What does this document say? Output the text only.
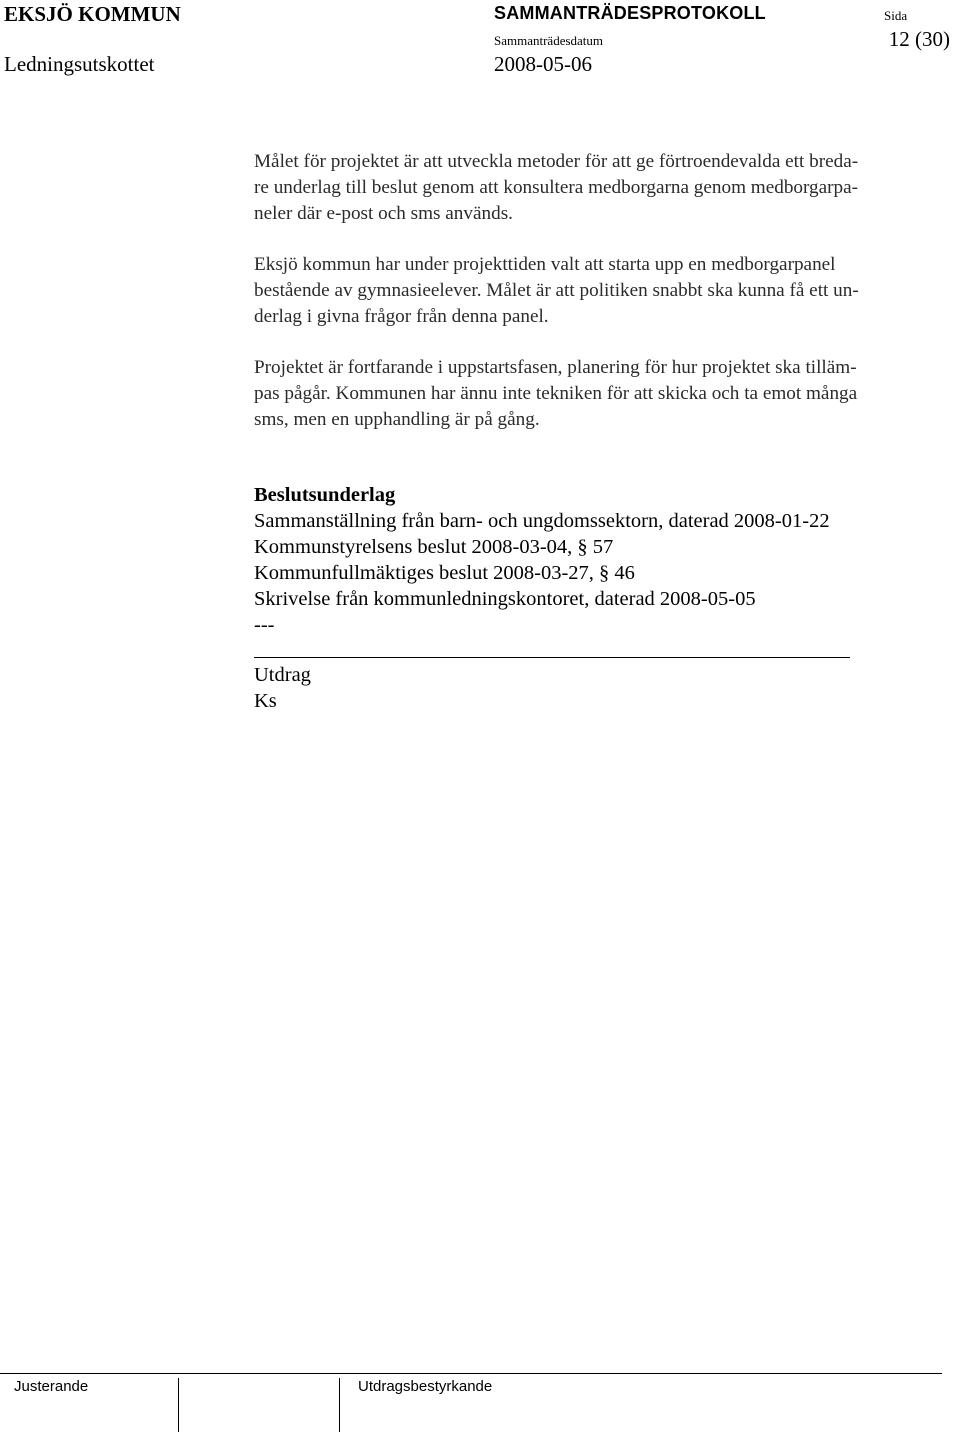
EKSJÖ KOMMUN	SAMMANTRÄDESPROTOKOLL	Sida
12 (30)
Ledningsutskottet
Sammanträdesdatum
2008-05-06
Målet för projektet är att utveckla metoder för att ge förtroendevalda ett breda-
re underlag till beslut genom att konsultera medborgarna genom medborgarpa-
neler där e-post och sms används.
Eksjö kommun har under projekttiden valt att starta upp en medborgarpanel
bestående av gymnasieelever. Målet är att politiken snabbt ska kunna få ett un-
derlag i givna frågor från denna panel.
Projektet är fortfarande i uppstartsfasen, planering för hur projektet ska tilläm-
pas pågår. Kommunen har ännu inte tekniken för att skicka och ta emot många
sms, men en upphandling är på gång.
Beslutsunderlag
Sammanställning från barn- och ungdomssektorn, daterad 2008-01-22
Kommunstyrelsens beslut 2008-03-04, § 57
Kommunfullmäktiges beslut 2008-03-27, § 46
Skrivelse från kommunledningskontoret, daterad 2008-05-05
---
Utdrag
Ks
Justerande	Utdragsbestyrkande
